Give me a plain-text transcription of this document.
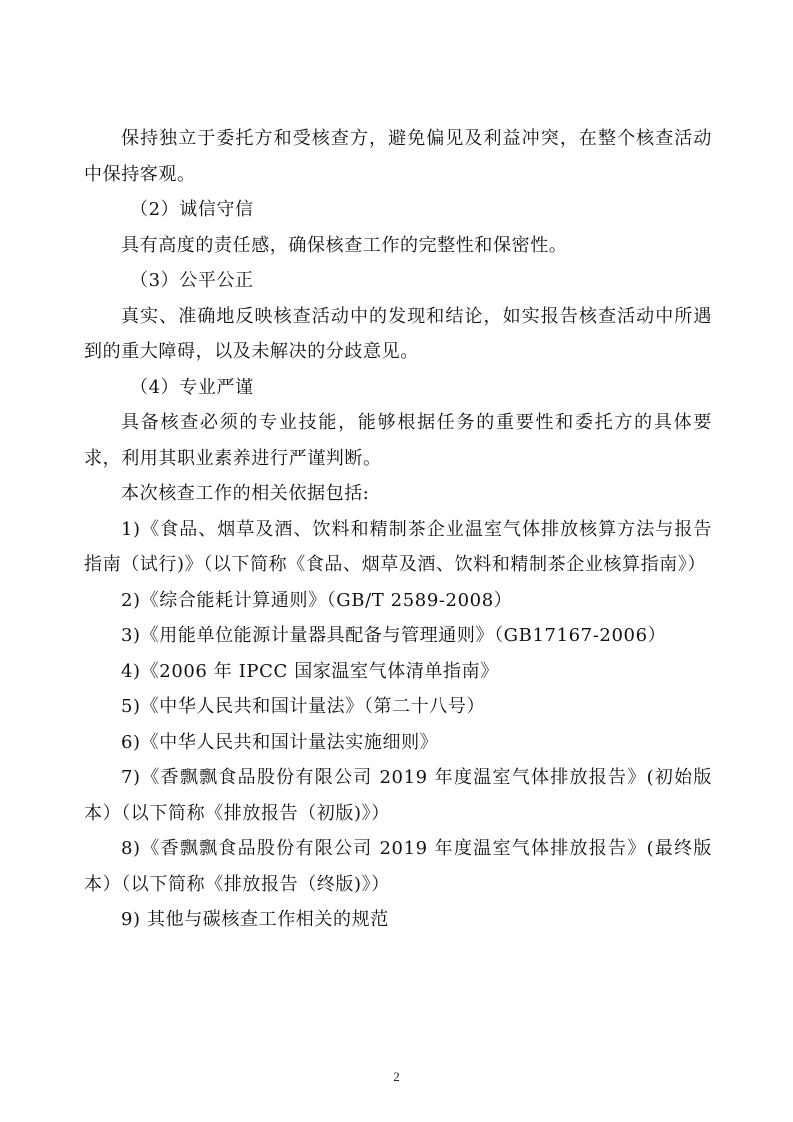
保持独立于委托方和受核查方，避免偏见及利益冲突，在整个核查活动中保持客观。

（2）诚信守信

具有高度的责任感，确保核查工作的完整性和保密性。

（3）公平公正

真实、准确地反映核查活动中的发现和结论，如实报告核查活动中所遇到的重大障碍，以及未解决的分歧意见。

（4）专业严谨

具备核查必须的专业技能，能够根据任务的重要性和委托方的具体要求，利用其职业素养进行严谨判断。

本次核查工作的相关依据包括:

1)《食品、烟草及酒、饮料和精制茶企业温室气体排放核算方法与报告指南（试行)》（以下简称《食品、烟草及酒、饮料和精制茶企业核算指南》）

2)《综合能耗计算通则》（GB/T 2589-2008）

3)《用能单位能源计量器具配备与管理通则》（GB17167-2006）

4)《2006 年 IPCC 国家温室气体清单指南》

5)《中华人民共和国计量法》（第二十八号）

6)《中华人民共和国计量法实施细则》

7)《香飘飘食品股份有限公司 2019 年度温室气体排放报告》(初始版本）（以下简称《排放报告（初版)》）

8)《香飘飘食品股份有限公司 2019 年度温室气体排放报告》(最终版本）（以下简称《排放报告（终版)》）

9) 其他与碳核查工作相关的规范

2
